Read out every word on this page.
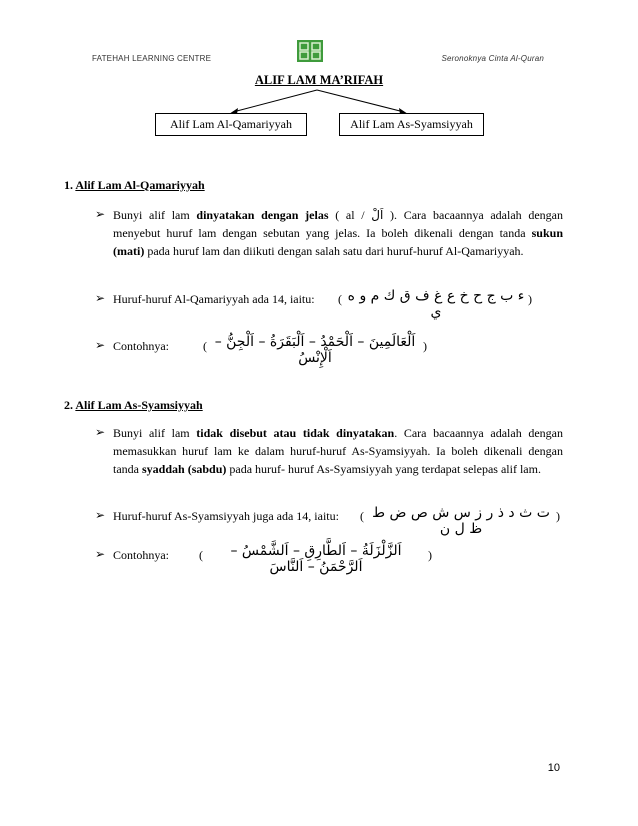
FATEHAH LEARNING CENTRE	Seronoknya Cinta Al-Quran
ALIF LAM MA’RIFAH
Alif Lam Al-Qamariyyah	Alif Lam As-Syamsiyyah
1. Alif Lam Al-Qamariyyah
➢ Bunyi alif lam dinyatakan dengan jelas ( al / اَلْ ). Cara bacaannya adalah dengan
menyebut huruf lam dengan sebutan yang jelas. Ia boleh dikenali dengan tanda sukun
(mati) pada huruf lam dan diikuti dengan salah satu dari huruf-huruf Al-Qamariyyah.
➢ Huruf-huruf Al-Qamariyyah ada 14, iaitu: ( ء ب ج ح خ ع غ ف ق ك م و ه ي
)
➢ Contohnya:	( اَلْعَالَمِينَ – اَلْحَمْدُ – اَلْبَقَرَةُ – اَلْجِنُّ – اَلْإِنْسُ
)
2. Alif Lam As-Syamsiyyah
➢ Bunyi alif lam tidak disebut atau tidak dinyatakan. Cara bacaannya adalah dengan
memasukkan huruf lam ke dalam huruf-huruf As-Syamsiyyah. Ia boleh dikenali dengan
tanda syaddah (sabdu) pada huruf- huruf As-Syamsiyyah yang terdapat selepas alif lam.
➢ Huruf-huruf As-Syamsiyyah juga ada 14, iaitu: ( ت ث د ذ ر ز س ش ص ض ط ظ ل ن
)
➢ Contohnya:	(	اَلزَّلْزَلَةُ – اَلطَّارِقِ – اَلشَّمْسُ – اَلرَّحْمَنُ – اَلنَّاسَ
)
10
